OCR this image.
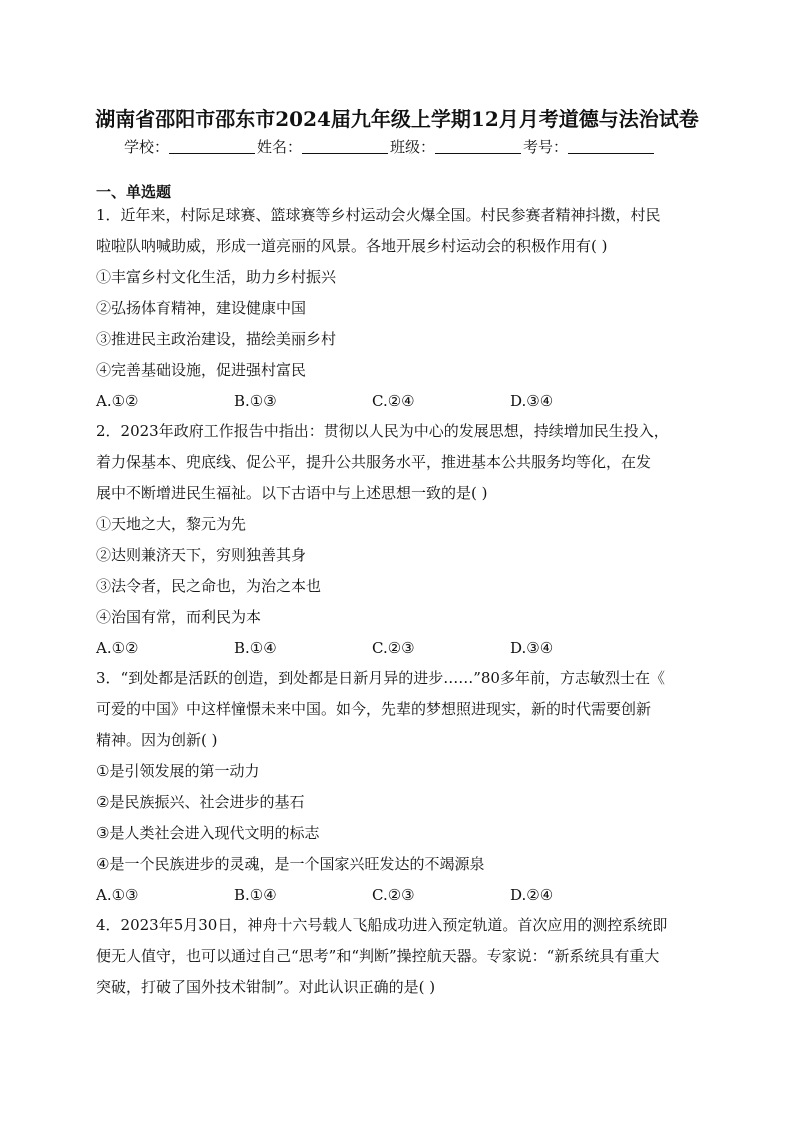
湖南省邵阳市邵东市2024届九年级上学期12月月考道德与法治试卷
学校：	姓名：	班级：	考号：
一、单选题
1．近年来，村际足球赛、篮球赛等乡村运动会火爆全国。村民参赛者精神抖擞，村民
啦啦队呐喊助威，形成一道亮丽的风景。各地开展乡村运动会的积极作用有( )
①丰富乡村文化生活，助力乡村振兴
②弘扬体育精神，建设健康中国
③推进民主政治建设，描绘美丽乡村
④完善基础设施，促进强村富民
A.①②	B.①③	C.②④	D.③④
2．2023年政府工作报告中指出：贯彻以人民为中心的发展思想，持续增加民生投入，
着力保基本、兜底线、促公平，提升公共服务水平，推进基本公共服务均等化，在发
展中不断增进民生福祉。以下古语中与上述思想一致的是( )
①天地之大，黎元为先
②达则兼济天下，穷则独善其身
③法令者，民之命也，为治之本也
④治国有常，而利民为本
A.①②	B.①④	C.②③	D.③④
3．“到处都是活跃的创造，到处都是日新月异的进步……”80多年前，方志敏烈士在《
可爱的中国》中这样憧憬未来中国。如今，先辈的梦想照进现实，新的时代需要创新
精神。因为创新( )
①是引领发展的第一动力
②是民族振兴、社会进步的基石
③是人类社会进入现代文明的标志
④是一个民族进步的灵魂，是一个国家兴旺发达的不竭源泉
A.①③	B.①④	C.②③	D.②④
4．2023年5月30日，神舟十六号载人飞船成功进入预定轨道。首次应用的测控系统即
便无人值守，也可以通过自己“思考”和“判断”操控航天器。专家说：“新系统具有重大
突破，打破了国外技术钳制”。对此认识正确的是( )
